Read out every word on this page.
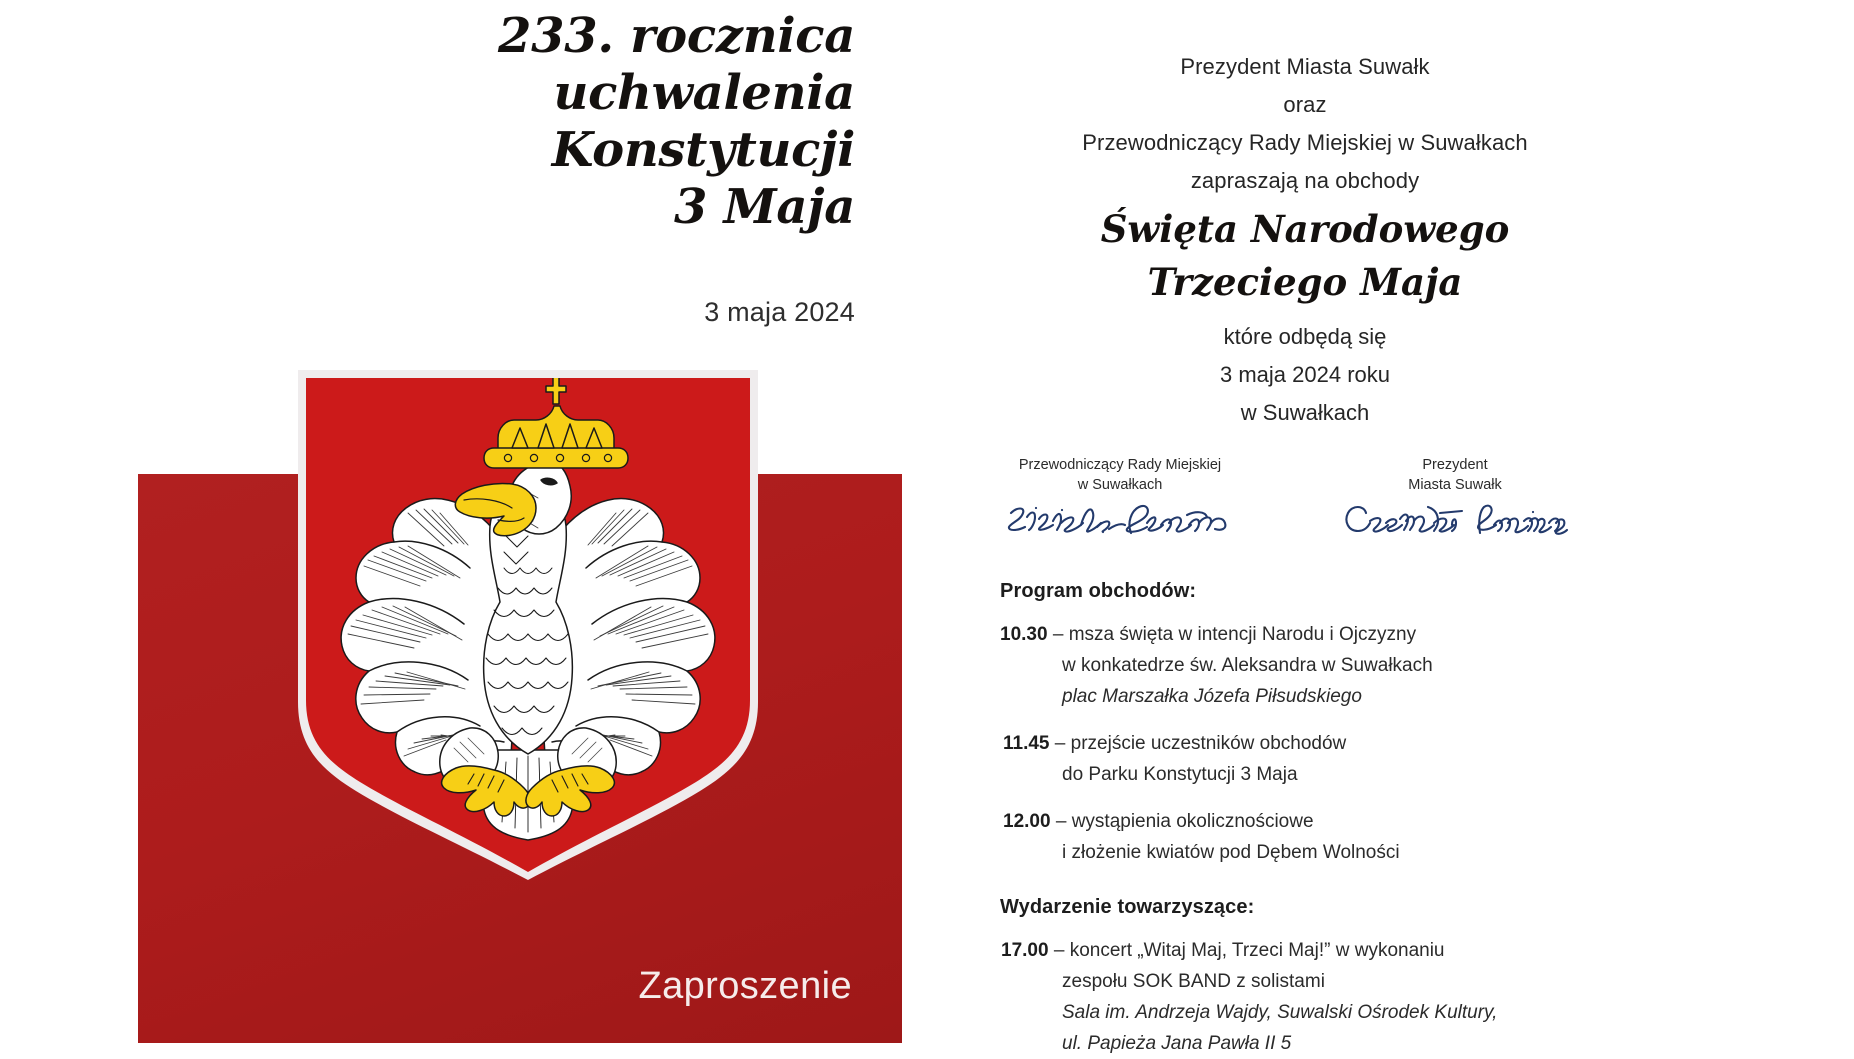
233. rocznica
uchwalenia
Konstytucji
3 Maja
3 maja 2024
Zaproszenie
Prezydent Miasta Suwałk
oraz
Przewodniczący Rady Miejskiej w Suwałkach
zapraszają na obchody
Święta Narodowego
Trzeciego Maja
które odbędą się
3 maja 2024 roku
w Suwałkach
Przewodniczący Rady Miejskiej
w Suwałkach
Prezydent
Miasta Suwałk
Program obchodów:
10.30 – msza święta w intencji Narodu i Ojczyzny
w konkatedrze św. Aleksandra w Suwałkach
plac Marszałka Józefa Piłsudskiego
11.45 – przejście uczestników obchodów
do Parku Konstytucji 3 Maja
12.00 – wystąpienia okolicznościowe
i złożenie kwiatów pod Dębem Wolności
Wydarzenie towarzyszące:
17.00 – koncert „Witaj Maj, Trzeci Maj!” w wykonaniu
zespołu SOK BAND z solistami
Sala im. Andrzeja Wajdy, Suwalski Ośrodek Kultury,
ul. Papieża Jana Pawła II 5
